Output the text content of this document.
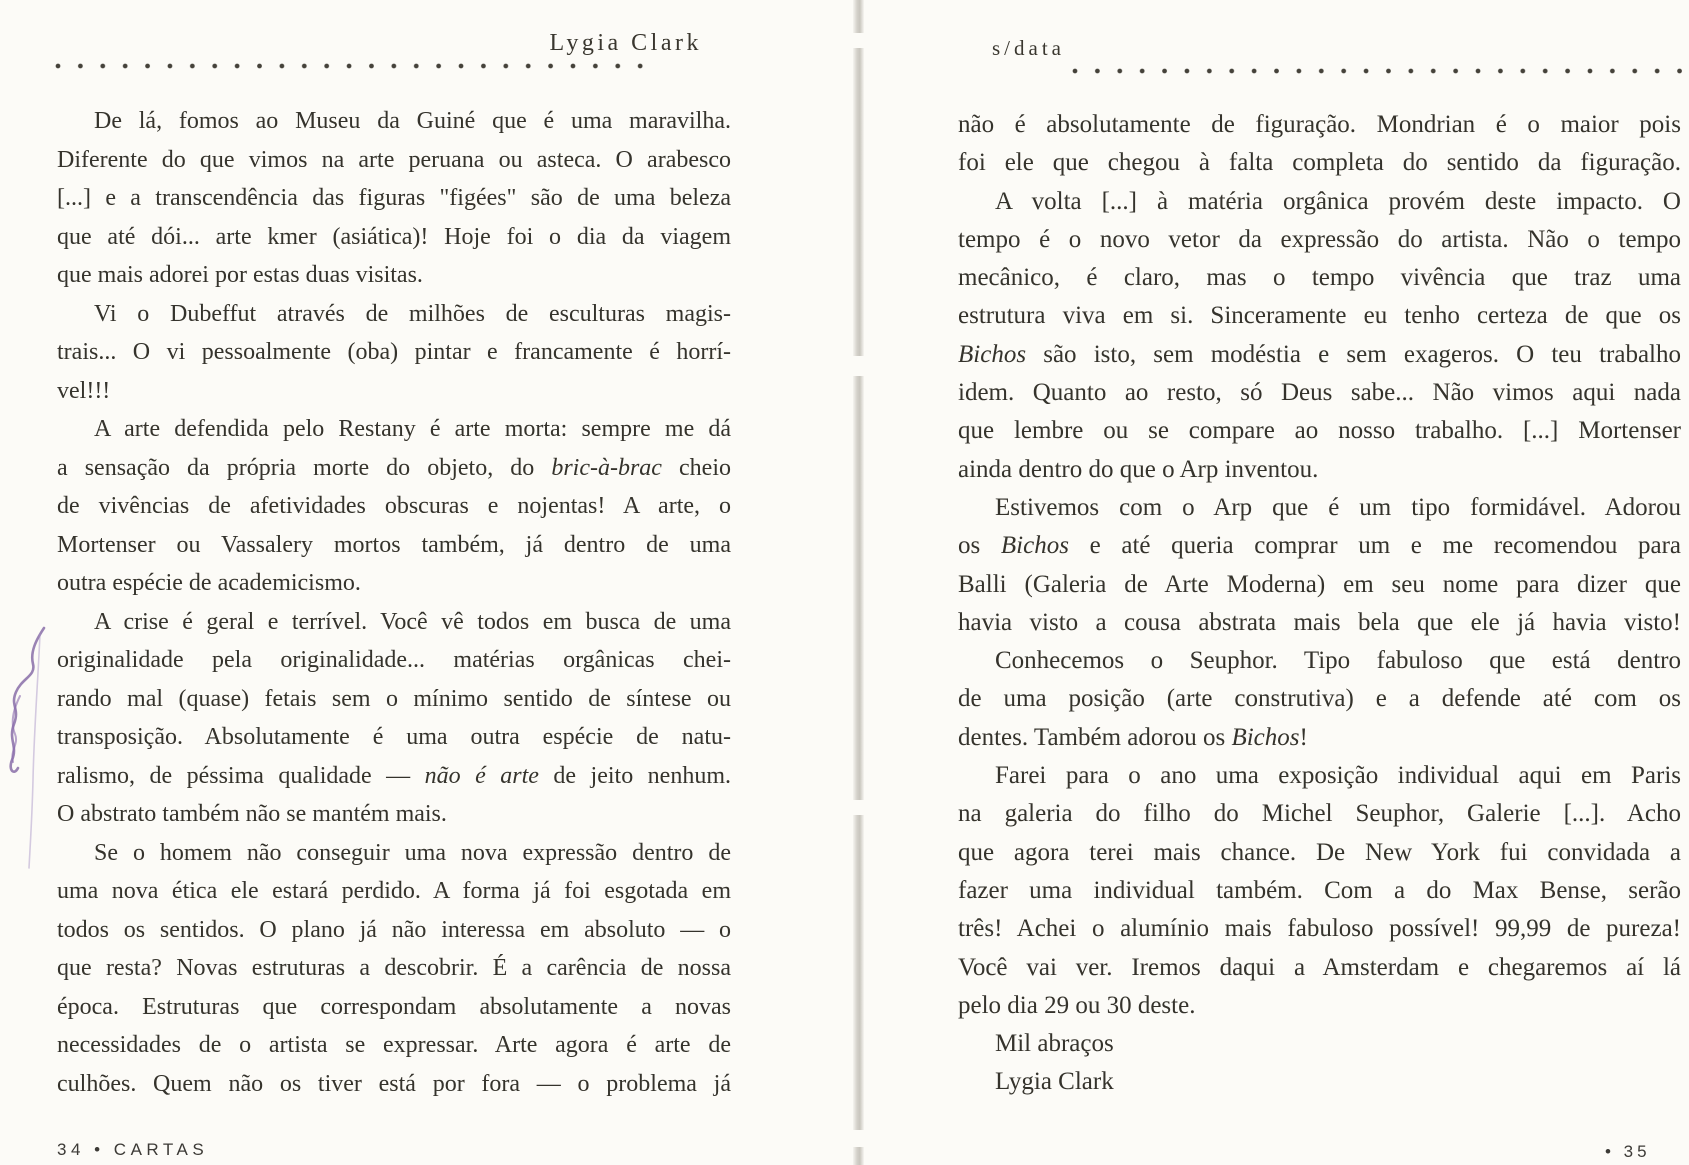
Lygia Clark
De lá, fomos ao Museu da Guiné que é uma maravilha.
Diferente do que vimos na arte peruana ou asteca. O arabesco
[...] e a transcendência das figuras "figées" são de uma beleza
que até dói... arte kmer (asiática)! Hoje foi o dia da viagem
que mais adorei por estas duas visitas.
Vi o Dubeffut através de milhões de esculturas magis-
trais... O vi pessoalmente (oba) pintar e francamente é horrí-
vel!!!
A arte defendida pelo Restany é arte morta: sempre me dá
a sensação da própria morte do objeto, do bric-à-brac cheio
de vivências de afetividades obscuras e nojentas! A arte, o
Mortenser ou Vassalery mortos também, já dentro de uma
outra espécie de academicismo.
A crise é geral e terrível. Você vê todos em busca de uma
originalidade pela originalidade... matérias orgânicas chei-
rando mal (quase) fetais sem o mínimo sentido de síntese ou
transposição. Absolutamente é uma outra espécie de natu-
ralismo, de péssima qualidade — não é arte de jeito nenhum.
O abstrato também não se mantém mais.
Se o homem não conseguir uma nova expressão dentro de
uma nova ética ele estará perdido. A forma já foi esgotada em
todos os sentidos. O plano já não interessa em absoluto — o
que resta? Novas estruturas a descobrir. É a carência de nossa
época. Estruturas que correspondam absolutamente a novas
necessidades de o artista se expressar. Arte agora é arte de
culhões. Quem não os tiver está por fora — o problema já
34 • CARTAS
s/data
não é absolutamente de figuração. Mondrian é o maior pois
foi ele que chegou à falta completa do sentido da figuração.
A volta [...] à matéria orgânica provém deste impacto. O
tempo é o novo vetor da expressão do artista. Não o tempo
mecânico, é claro, mas o tempo vivência que traz uma
estrutura viva em si. Sinceramente eu tenho certeza de que os
Bichos são isto, sem modéstia e sem exageros. O teu trabalho
idem. Quanto ao resto, só Deus sabe... Não vimos aqui nada
que lembre ou se compare ao nosso trabalho. [...] Mortenser
ainda dentro do que o Arp inventou.
Estivemos com o Arp que é um tipo formidável. Adorou
os Bichos e até queria comprar um e me recomendou para
Balli (Galeria de Arte Moderna) em seu nome para dizer que
havia visto a cousa abstrata mais bela que ele já havia visto!
Conhecemos o Seuphor. Tipo fabuloso que está dentro
de uma posição (arte construtiva) e a defende até com os
dentes. Também adorou os Bichos!
Farei para o ano uma exposição individual aqui em Paris
na galeria do filho do Michel Seuphor, Galerie [...]. Acho
que agora terei mais chance. De New York fui convidada a
fazer uma individual também. Com a do Max Bense, serão
três! Achei o alumínio mais fabuloso possível! 99,99 de pureza!
Você vai ver. Iremos daqui a Amsterdam e chegaremos aí lá
pelo dia 29 ou 30 deste.
Mil abraços
Lygia Clark
• 35
